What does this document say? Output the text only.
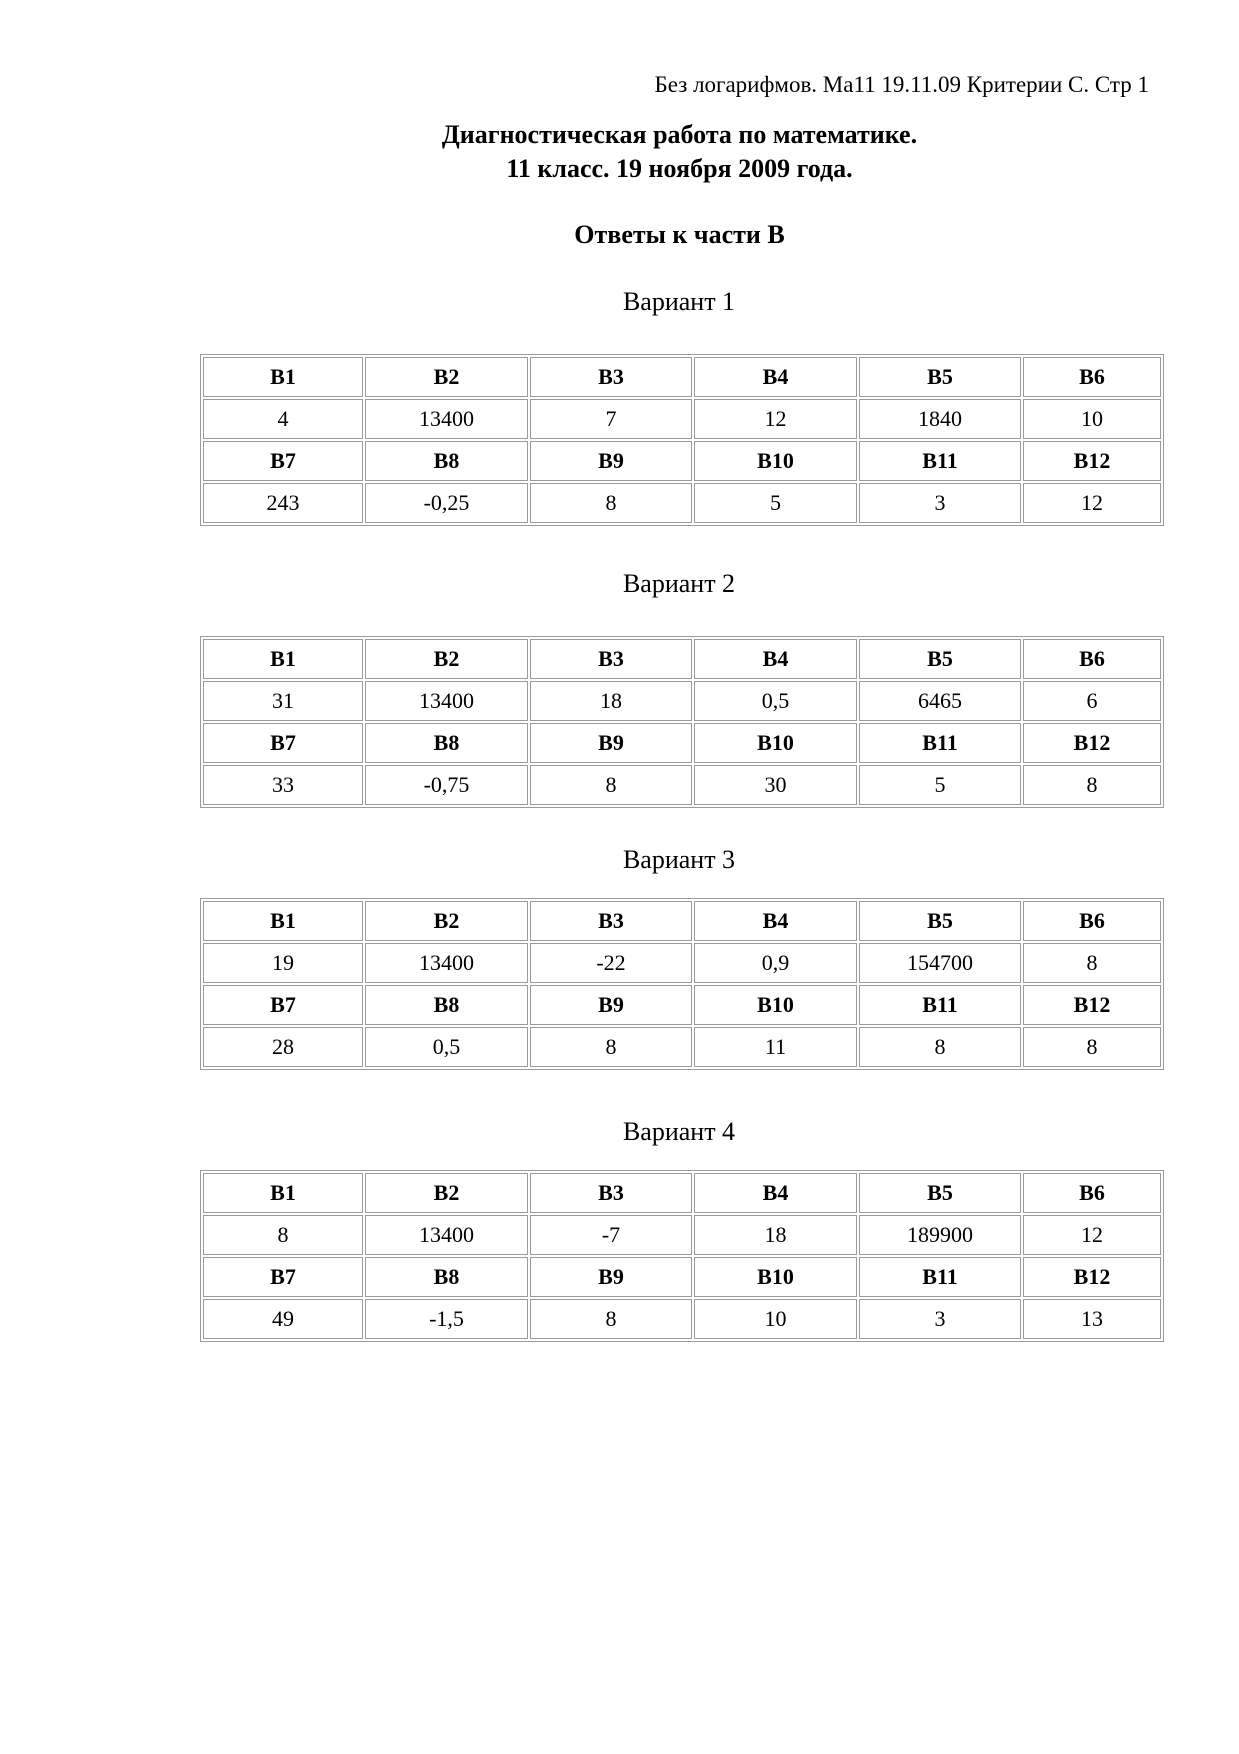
Без логарифмов. Ма11 19.11.09 Критерии С. Стр 1
Диагностическая работа по математике.
11 класс. 19 ноября 2009 года.
Ответы к части B
Вариант 1
B1	B2	B3	B4	B5	B6
4	13400	7	12	1840	10
B7	B8	B9	B10	B11	B12
243	-0,25	8	5	3	12
Вариант 2
B1	B2	B3	B4	B5	B6
31	13400	18	0,5	6465	6
B7	B8	B9	B10	B11	B12
33	-0,75	8	30	5	8
Вариант 3
B1	B2	B3	B4	B5	B6
19	13400	-22	0,9	154700	8
B7	B8	B9	B10	B11	B12
28	0,5	8	11	8	8
Вариант 4
B1	B2	B3	B4	B5	B6
8	13400	-7	18	189900	12
B7	B8	B9	B10	B11	B12
49	-1,5	8	10	3	13
